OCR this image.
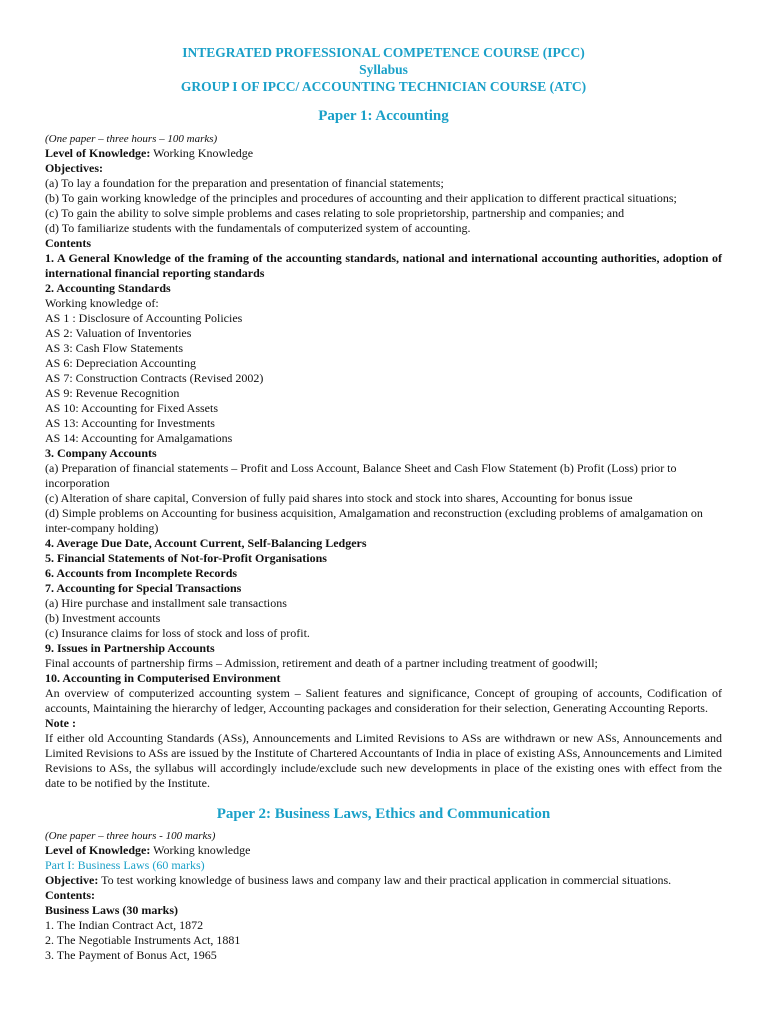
INTEGRATED PROFESSIONAL COMPETENCE COURSE (IPCC)
Syllabus
GROUP I OF IPCC/ ACCOUNTING TECHNICIAN COURSE (ATC)
Paper 1: Accounting

(One paper – three hours – 100 marks)

Level of Knowledge: Working Knowledge

Objectives:

(a) To lay a foundation for the preparation and presentation of financial statements;

(b) To gain working knowledge of the principles and procedures of accounting and their application to different practical situations;

(c) To gain the ability to solve simple problems and cases relating to sole proprietorship, partnership and companies; and

(d) To familiarize students with the fundamentals of computerized system of accounting.

Contents

1. A General Knowledge of the framing of the accounting standards, national and international accounting authorities, adoption of international financial reporting standards

2. Accounting Standards

Working knowledge of:

AS 1 : Disclosure of Accounting Policies

AS 2: Valuation of Inventories

AS 3: Cash Flow Statements

AS 6: Depreciation Accounting

AS 7: Construction Contracts (Revised 2002)

AS 9: Revenue Recognition

AS 10: Accounting for Fixed Assets

AS 13: Accounting for Investments

AS 14: Accounting for Amalgamations

3. Company Accounts

(a) Preparation of financial statements – Profit and Loss Account, Balance Sheet and Cash Flow Statement (b) Profit (Loss) prior to incorporation

(c) Alteration of share capital, Conversion of fully paid shares into stock and stock into shares, Accounting for bonus issue

(d) Simple problems on Accounting for business acquisition, Amalgamation and reconstruction (excluding problems of amalgamation on inter-company holding)

4. Average Due Date, Account Current, Self-Balancing Ledgers

5. Financial Statements of Not-for-Profit Organisations

6. Accounts from Incomplete Records

7. Accounting for Special Transactions

(a) Hire purchase and installment sale transactions

(b) Investment accounts

(c) Insurance claims for loss of stock and loss of profit.

9. Issues in Partnership Accounts

Final accounts of partnership firms – Admission, retirement and death of a partner including treatment of goodwill;

10. Accounting in Computerised Environment

An overview of computerized accounting system – Salient features and significance, Concept of grouping of accounts, Codification of accounts, Maintaining the hierarchy of ledger, Accounting packages and consideration for their selection, Generating Accounting Reports.

Note :

If either old Accounting Standards (ASs), Announcements and Limited Revisions to ASs are withdrawn or new ASs, Announcements and Limited Revisions to ASs are issued by the Institute of Chartered Accountants of India in place of existing ASs, Announcements and Limited Revisions to ASs, the syllabus will accordingly include/exclude such new developments in place of the existing ones with effect from the date to be notified by the Institute.

Paper 2: Business Laws, Ethics and Communication

(One paper – three hours - 100 marks)

Level of Knowledge: Working knowledge

Part I: Business Laws (60 marks)

Objective: To test working knowledge of business laws and company law and their practical application in commercial situations.

Contents:

Business Laws (30 marks)

1. The Indian Contract Act, 1872

2. The Negotiable Instruments Act, 1881

3. The Payment of Bonus Act, 1965
